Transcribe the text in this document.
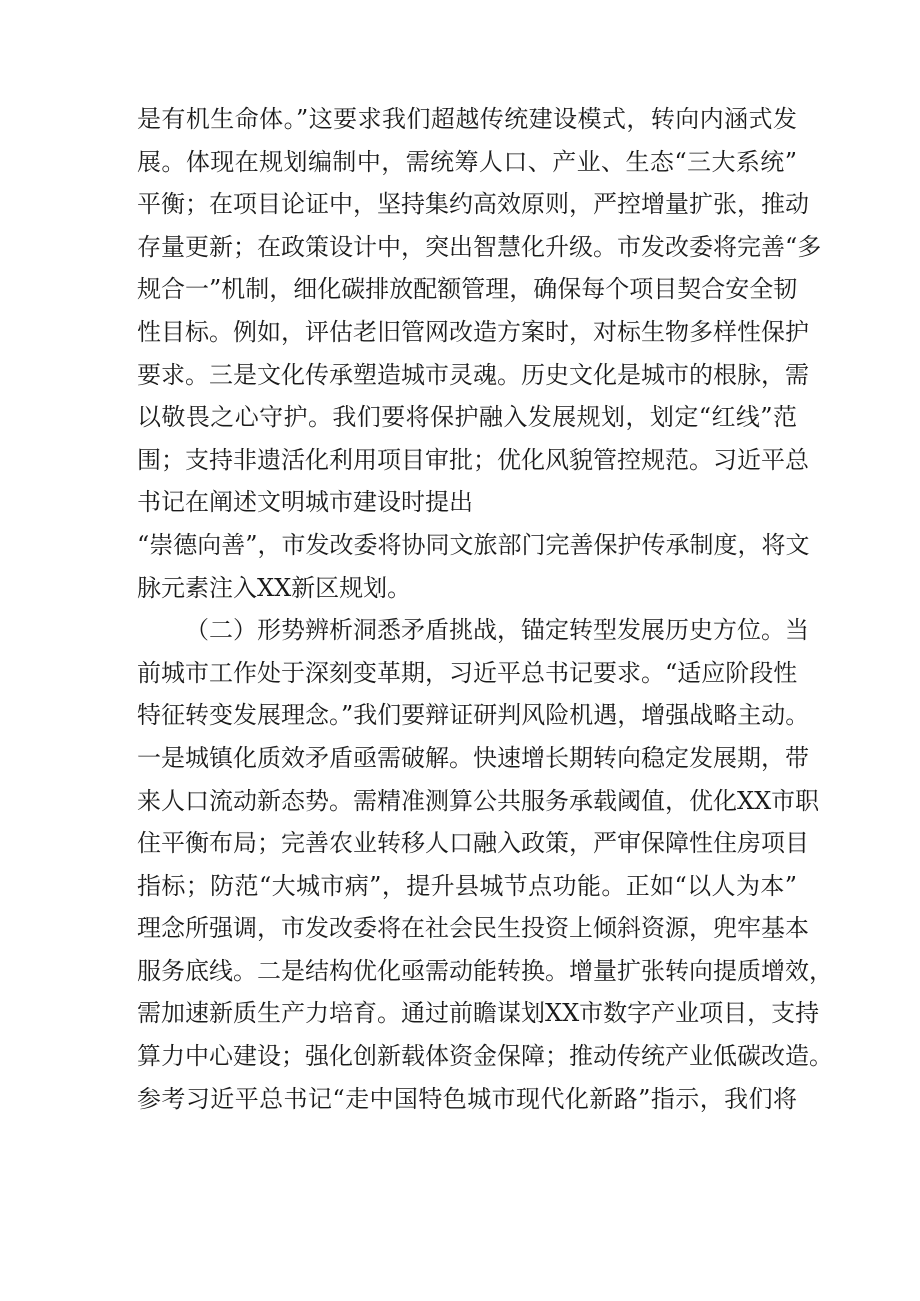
是有机生命体。”这要求我们超越传统建设模式，转向内涵式发
展。体现在规划编制中，需统筹人口、产业、生态“三大系统”
平衡；在项目论证中，坚持集约高效原则，严控增量扩张，推动
存量更新；在政策设计中，突出智慧化升级。市发改委将完善“多
规合一”机制，细化碳排放配额管理，确保每个项目契合安全韧
性目标。例如，评估老旧管网改造方案时，对标生物多样性保护
要求。三是文化传承塑造城市灵魂。历史文化是城市的根脉，需
以敬畏之心守护。我们要将保护融入发展规划，划定“红线”范
围；支持非遗活化利用项目审批；优化风貌管控规范。习近平总
书记在阐述文明城市建设时提出
“崇德向善”，市发改委将协同文旅部门完善保护传承制度，将文
脉元素注入XX新区规划。
（二）形势辨析洞悉矛盾挑战，锚定转型发展历史方位。当
前城市工作处于深刻变革期，习近平总书记要求。“适应阶段性
特征转变发展理念。”我们要辩证研判风险机遇，增强战略主动。
一是城镇化质效矛盾亟需破解。快速增长期转向稳定发展期，带
来人口流动新态势。需精准测算公共服务承载阈值，优化XX市职
住平衡布局；完善农业转移人口融入政策，严审保障性住房项目
指标；防范“大城市病”，提升县城节点功能。正如“以人为本”
理念所强调，市发改委将在社会民生投资上倾斜资源，兜牢基本
服务底线。二是结构优化亟需动能转换。增量扩张转向提质增效，
需加速新质生产力培育。通过前瞻谋划XX市数字产业项目，支持
算力中心建设；强化创新载体资金保障；推动传统产业低碳改造。
参考习近平总书记“走中国特色城市现代化新路”指示，我们将
